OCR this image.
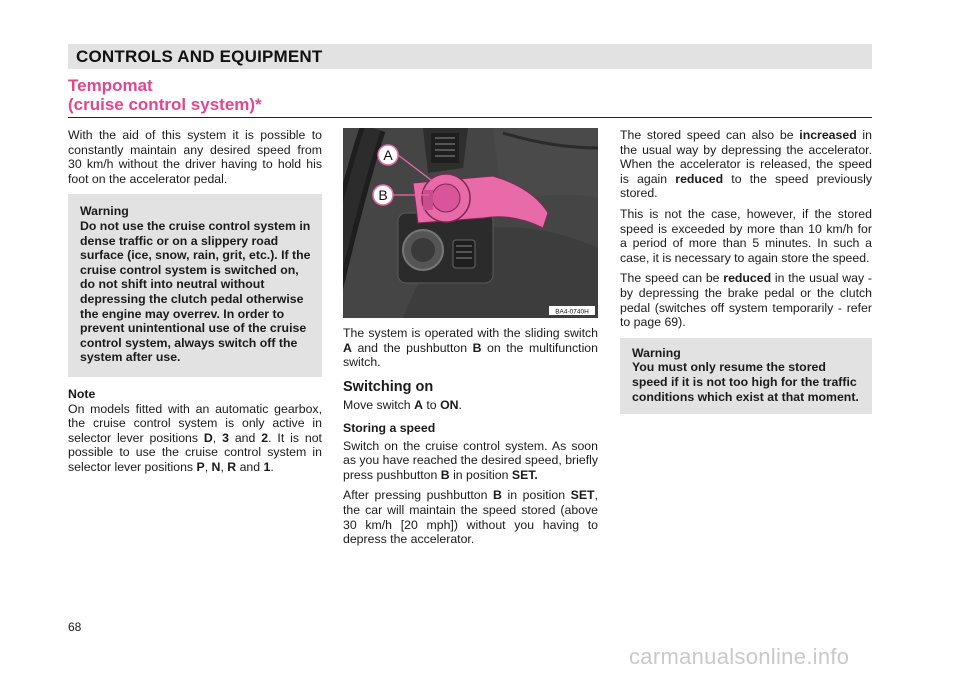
CONTROLS AND EQUIPMENT
Tempomat
(cruise control system)*

With the aid of this system it is possible to constantly maintain any desired speed from 30 km/h without the driver having to hold his foot on the accelerator pedal.

Warning
Do not use the cruise control system in dense traffic or on a slippery road surface (ice, snow, rain, grit, etc.). If the cruise control system is switched on, do not shift into neutral without depressing the clutch pedal otherwise the engine may overrev. In order to prevent unintentional use of the cruise control system, always switch off the system after use.
Note

On models fitted with an automatic gearbox, the cruise control system is only active in selector lever positions D, 3 and 2. It is not possible to use the cruise control system in selector lever positions P, N, R and 1.

A
B
BA4-0740H

The system is operated with the sliding switch A and the pushbutton B on the multifunction switch.

Switching on

Move switch A to ON.

Storing a speed

Switch on the cruise control system. As soon as you have reached the desired speed, briefly press pushbutton B in position SET.

After pressing pushbutton B in position SET, the car will maintain the speed stored (above 30 km/h [20 mph]) without you having to depress the accelerator.

The stored speed can also be increased in the usual way by depressing the accelerator. When the accelerator is released, the speed is again reduced to the speed previously stored.

This is not the case, however, if the stored speed is exceeded by more than 10 km/h for a period of more than 5 minutes. In such a case, it is necessary to again store the speed.

The speed can be reduced in the usual way - by depressing the brake pedal or the clutch pedal (switches off system temporarily - refer to page 69).

Warning
You must only resume the stored speed if it is not too high for the traffic conditions which exist at that moment.
68
carmanualsonline.info
